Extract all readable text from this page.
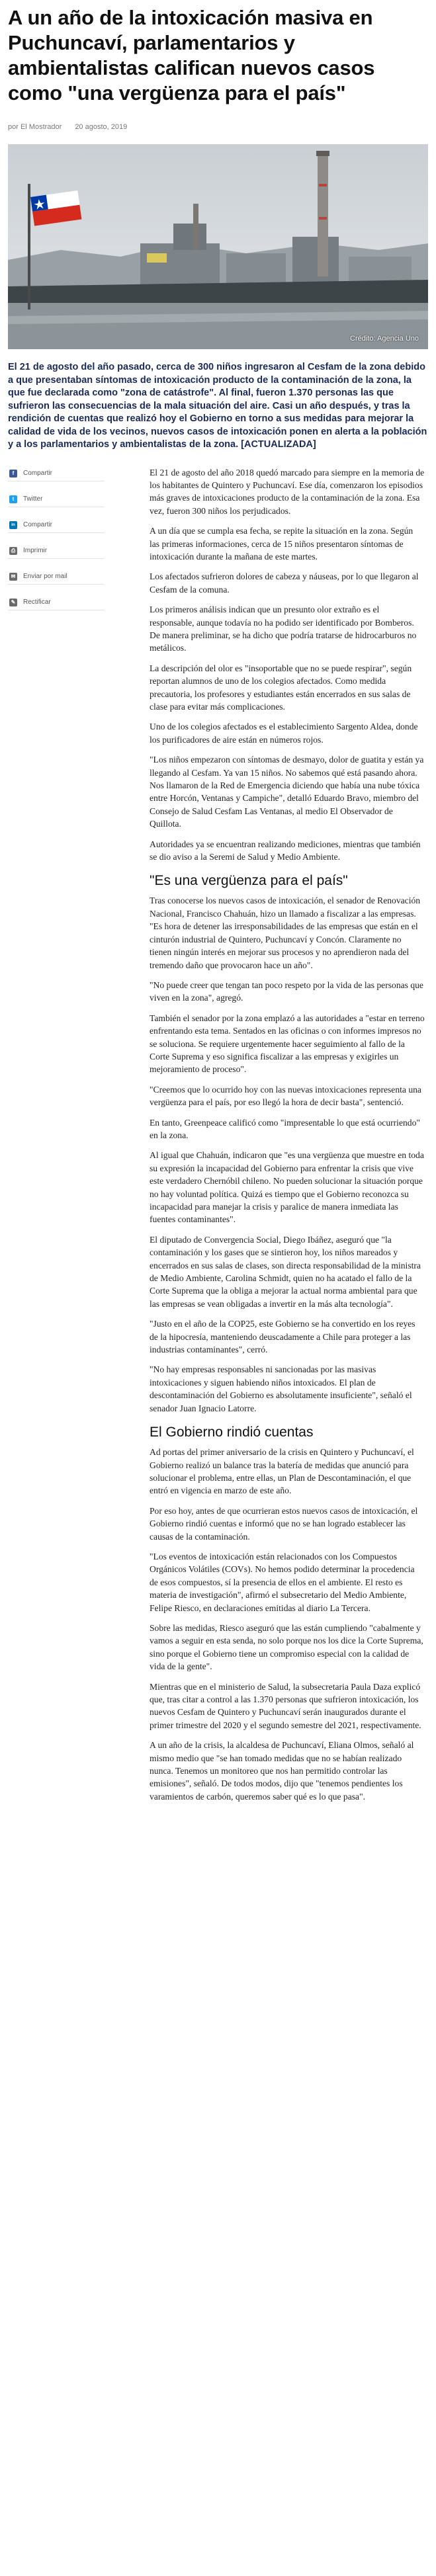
A un año de la intoxicación masiva en Puchuncaví, parlamentarios y ambientalistas califican nuevos casos como "una vergüenza para el país"
por El Mostrador 20 agosto, 2019
Crédito: Agencia Uno

El 21 de agosto del año pasado, cerca de 300 niños ingresaron al Cesfam de la zona debido a que presentaban síntomas de intoxicación producto de la contaminación de la zona, la que fue declarada como "zona de catástrofe". Al final, fueron 1.370 personas las que sufrieron las consecuencias de la mala situación del aire. Casi un año después, y tras la rendición de cuentas que realizó hoy el Gobierno en torno a sus medidas para mejorar la calidad de vida de los vecinos, nuevos casos de intoxicación ponen en alerta a la población y a los parlamentarios y ambientalistas de la zona. [ACTUALIZADA]

f	Compartir
t	Twitter
in	Compartir
⎙ Imprimir
✉ Enviar por mail
✎ Rectificar

El 21 de agosto del año 2018 quedó marcado para siempre en la memoria de los habitantes de Quintero y Puchuncaví. Ese día, comenzaron los episodios más graves de intoxicaciones producto de la contaminación de la zona. Esa vez, fueron 300 niños los perjudicados.

A un día que se cumpla esa fecha, se repite la situación en la zona. Según las primeras informaciones, cerca de 15 niños presentaron síntomas de intoxicación durante la mañana de este martes.

Los afectados sufrieron dolores de cabeza y náuseas, por lo que llegaron al Cesfam de la comuna.

Los primeros análisis indican que un presunto olor extraño es el responsable, aunque todavía no ha podido ser identificado por Bomberos. De manera preliminar, se ha dicho que podría tratarse de hidrocarburos no metálicos.

La descripción del olor es "insoportable que no se puede respirar", según reportan alumnos de uno de los colegios afectados. Como medida precautoria, los profesores y estudiantes están encerrados en sus salas de clase para evitar más complicaciones.

Uno de los colegios afectados es el establecimiento Sargento Aldea, donde los purificadores de aire están en números rojos.

"Los niños empezaron con síntomas de desmayo, dolor de guatita y están ya llegando al Cesfam. Ya van 15 niños. No sabemos qué está pasando ahora. Nos llamaron de la Red de Emergencia diciendo que había una nube tóxica entre Horcón, Ventanas y Campiche", detalló Eduardo Bravo, miembro del Consejo de Salud Cesfam Las Ventanas, al medio El Observador de Quillota.

Autoridades ya se encuentran realizando mediciones, mientras que también se dio aviso a la Seremi de Salud y Medio Ambiente.

"Es una vergüenza para el país"

Tras conocerse los nuevos casos de intoxicación, el senador de Renovación Nacional, Francisco Chahuán, hizo un llamado a fiscalizar a las empresas. "Es hora de detener las irresponsabilidades de las empresas que están en el cinturón industrial de Quintero, Puchuncaví y Concón. Claramente no tienen ningún interés en mejorar sus procesos y no aprendieron nada del tremendo daño que provocaron hace un año".

"No puede creer que tengan tan poco respeto por la vida de las personas que viven en la zona", agregó.

También el senador por la zona emplazó a las autoridades a "estar en terreno enfrentando esta tema. Sentados en las oficinas o con informes impresos no se soluciona. Se requiere urgentemente hacer seguimiento al fallo de la Corte Suprema y eso significa fiscalizar a las empresas y exigirles un mejoramiento de proceso".

"Creemos que lo ocurrido hoy con las nuevas intoxicaciones representa una vergüenza para el país, por eso llegó la hora de decir basta", sentenció.

En tanto, Greenpeace calificó como "impresentable lo que está ocurriendo" en la zona.

Al igual que Chahuán, indicaron que "es una vergüenza que muestre en toda su expresión la incapacidad del Gobierno para enfrentar la crisis que vive este verdadero Chernóbil chileno. No pueden solucionar la situación porque no hay voluntad política. Quizá es tiempo que el Gobierno reconozca su incapacidad para manejar la crisis y paralice de manera inmediata las fuentes contaminantes".

El diputado de Convergencia Social, Diego Ibáñez, aseguró que "la contaminación y los gases que se sintieron hoy, los niños mareados y encerrados en sus salas de clases, son directa responsabilidad de la ministra de Medio Ambiente, Carolina Schmidt, quien no ha acatado el fallo de la Corte Suprema que la obliga a mejorar la actual norma ambiental para que las empresas se vean obligadas a invertir en la más alta tecnología".

"Justo en el año de la COP25, este Gobierno se ha convertido en los reyes de la hipocresía, manteniendo deuscadamente a Chile para proteger a las industrias contaminantes", cerró.

"No hay empresas responsables ni sancionadas por las masivas intoxicaciones y siguen habiendo niños intoxicados. El plan de descontaminación del Gobierno es absolutamente insuficiente", señaló el senador Juan Ignacio Latorre.

El Gobierno rindió cuentas

Ad portas del primer aniversario de la crisis en Quintero y Puchuncaví, el Gobierno realizó un balance tras la batería de medidas que anunció para solucionar el problema, entre ellas, un Plan de Descontaminación, el que entró en vigencia en marzo de este año.

Por eso hoy, antes de que ocurrieran estos nuevos casos de intoxicación, el Gobierno rindió cuentas e informó que no se han logrado establecer las causas de la contaminación.

"Los eventos de intoxicación están relacionados con los Compuestos Orgánicos Volátiles (COVs). No hemos podido determinar la procedencia de esos compuestos, sí la presencia de ellos en el ambiente. El resto es materia de investigación", afirmó el subsecretario del Medio Ambiente, Felipe Riesco, en declaraciones emitidas al diario La Tercera.

Sobre las medidas, Riesco aseguró que las están cumpliendo "cabalmente y vamos a seguir en esta senda, no solo porque nos los dice la Corte Suprema, sino porque el Gobierno tiene un compromiso especial con la calidad de vida de la gente".

Mientras que en el ministerio de Salud, la subsecretaria Paula Daza explicó que, tras citar a control a las 1.370 personas que sufrieron intoxicación, los nuevos Cesfam de Quintero y Puchuncaví serán inaugurados durante el primer trimestre del 2020 y el segundo semestre del 2021, respectivamente.

A un año de la crisis, la alcaldesa de Puchuncaví, Eliana Olmos, señaló al mismo medio que "se han tomado medidas que no se habían realizado nunca. Tenemos un monitoreo que nos han permitido controlar las emisiones", señaló. De todos modos, dijo que "tenemos pendientes los varamientos de carbón, queremos saber qué es lo que pasa".
